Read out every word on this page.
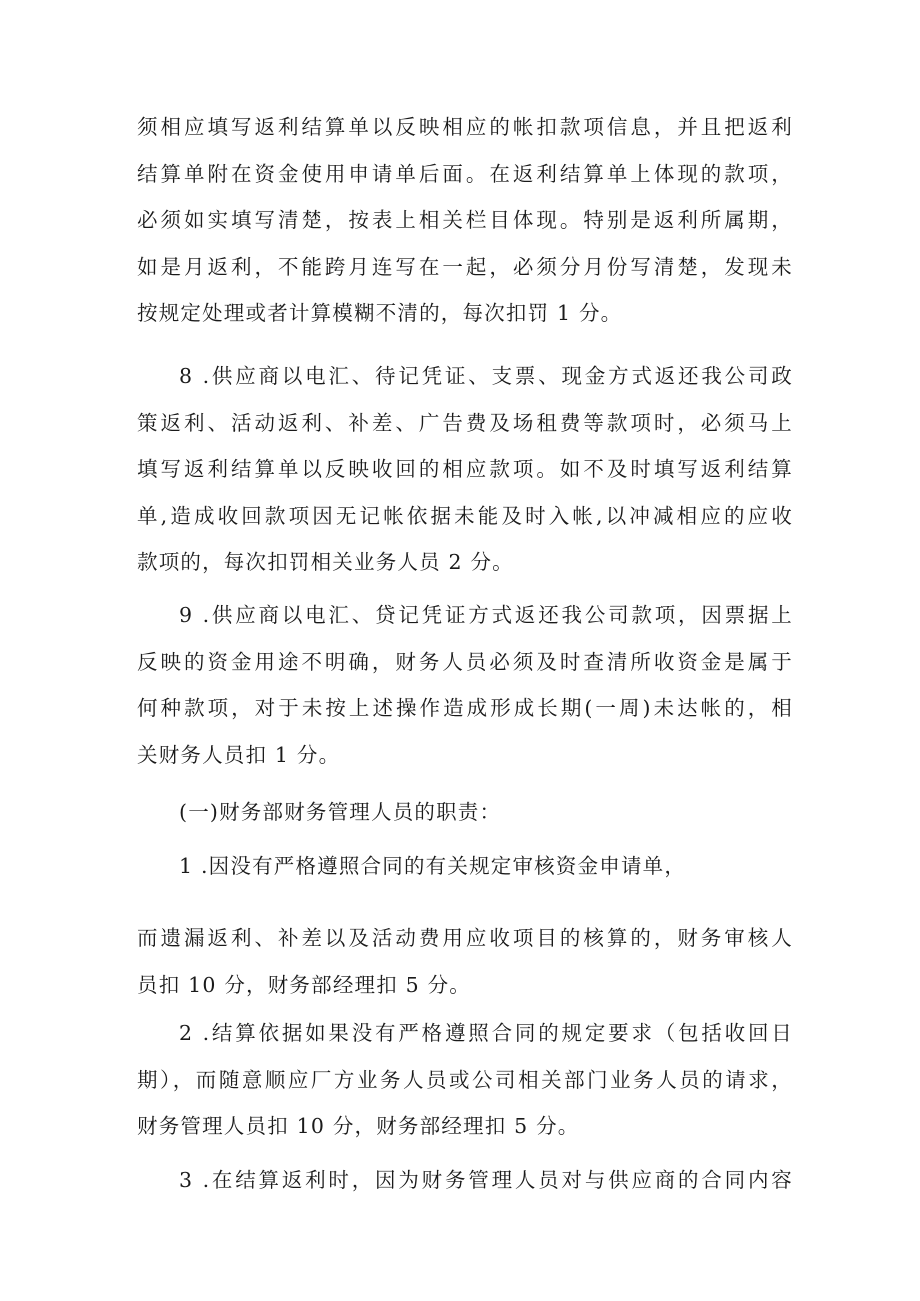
须相应填写返利结算单以反映相应的帐扣款项信息，并且把返利
结算单附在资金使用申请单后面。在返利结算单上体现的款项，
必须如实填写清楚，按表上相关栏目体现。特别是返利所属期，
如是月返利，不能跨月连写在一起，必须分月份写清楚，发现未
按规定处理或者计算模糊不清的，每次扣罚 1 分。
8 .供应商以电汇、待记凭证、支票、现金方式返还我公司政
策返利、活动返利、补差、广告费及场租费等款项时，必须马上
填写返利结算单以反映收回的相应款项。如不及时填写返利结算
单,造成收回款项因无记帐依据未能及时入帐,以冲减相应的应收
款项的，每次扣罚相关业务人员 2 分。
9 .供应商以电汇、贷记凭证方式返还我公司款项，因票据上
反映的资金用途不明确，财务人员必须及时查清所收资金是属于
何种款项，对于未按上述操作造成形成长期(一周)未达帐的，相
关财务人员扣 1 分。
(一)财务部财务管理人员的职责：
1 .因没有严格遵照合同的有关规定审核资金申请单，
而遗漏返利、补差以及活动费用应收项目的核算的，财务审核人
员扣 10 分，财务部经理扣 5 分。
2 .结算依据如果没有严格遵照合同的规定要求（包括收回日
期），而随意顺应厂方业务人员或公司相关部门业务人员的请求，
财务管理人员扣 10 分，财务部经理扣 5 分。
3 .在结算返利时，因为财务管理人员对与供应商的合同内容
